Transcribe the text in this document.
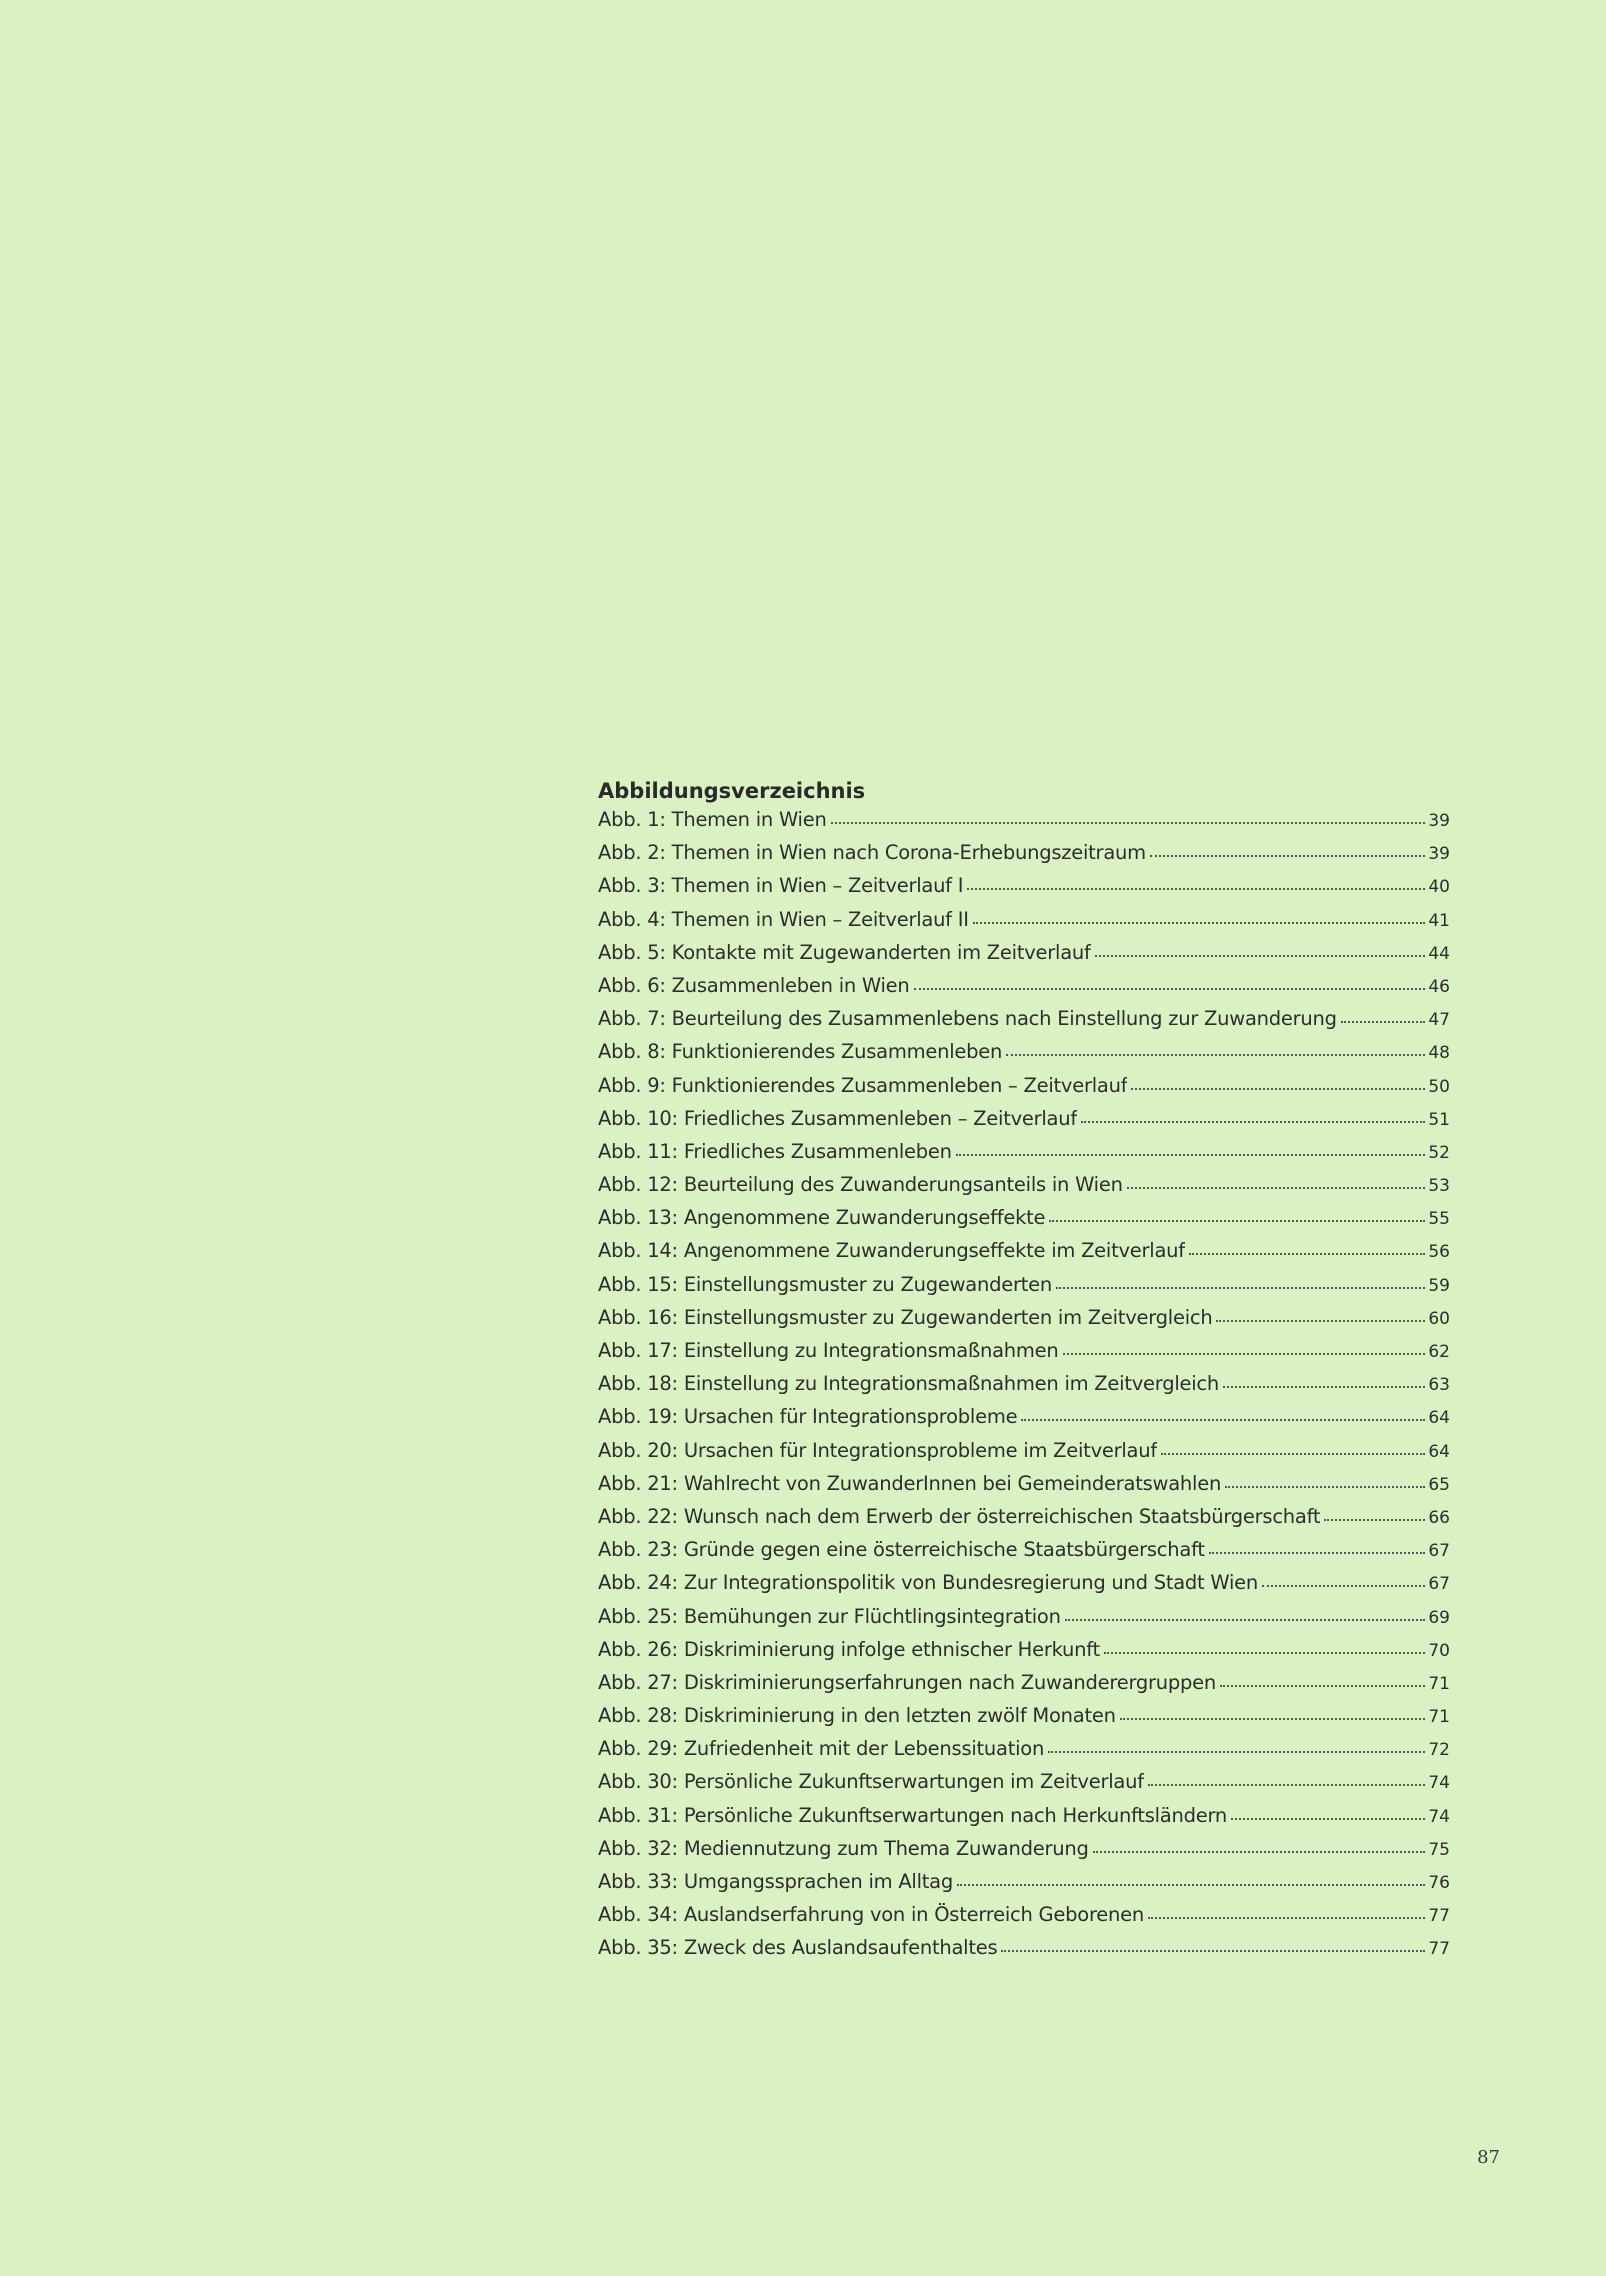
Abbildungsverzeichnis
Abb. 1: Themen in Wien	39
Abb. 2: Themen in Wien nach Corona-Erhebungszeitraum	39
Abb. 3: Themen in Wien – Zeitverlauf I	40
Abb. 4: Themen in Wien – Zeitverlauf II	41
Abb. 5: Kontakte mit Zugewanderten im Zeitverlauf	44
Abb. 6: Zusammenleben in Wien	46
Abb. 7: Beurteilung des Zusammenlebens nach Einstellung zur Zuwanderung	47
Abb. 8: Funktionierendes Zusammenleben	48
Abb. 9: Funktionierendes Zusammenleben – Zeitverlauf	50
Abb. 10: Friedliches Zusammenleben – Zeitverlauf	51
Abb. 11: Friedliches Zusammenleben	52
Abb. 12: Beurteilung des Zuwanderungsanteils in Wien	53
Abb. 13: Angenommene Zuwanderungseffekte	55
Abb. 14: Angenommene Zuwanderungseffekte im Zeitverlauf	56
Abb. 15: Einstellungsmuster zu Zugewanderten	59
Abb. 16: Einstellungsmuster zu Zugewanderten im Zeitvergleich	60
Abb. 17: Einstellung zu Integrationsmaßnahmen	62
Abb. 18: Einstellung zu Integrationsmaßnahmen im Zeitvergleich	63
Abb. 19: Ursachen für Integrationsprobleme	64
Abb. 20: Ursachen für Integrationsprobleme im Zeitverlauf	64
Abb. 21: Wahlrecht von ZuwanderInnen bei Gemeinderatswahlen	65
Abb. 22: Wunsch nach dem Erwerb der österreichischen Staatsbürgerschaft	66
Abb. 23: Gründe gegen eine österreichische Staatsbürgerschaft	67
Abb. 24: Zur Integrationspolitik von Bundesregierung und Stadt Wien	67
Abb. 25: Bemühungen zur Flüchtlingsintegration	69
Abb. 26: Diskriminierung infolge ethnischer Herkunft	70
Abb. 27: Diskriminierungserfahrungen nach Zuwanderergruppen	71
Abb. 28: Diskriminierung in den letzten zwölf Monaten	71
Abb. 29: Zufriedenheit mit der Lebenssituation	72
Abb. 30: Persönliche Zukunftserwartungen im Zeitverlauf	74
Abb. 31: Persönliche Zukunftserwartungen nach Herkunftsländern	74
Abb. 32: Mediennutzung zum Thema Zuwanderung	75
Abb. 33: Umgangssprachen im Alltag	76
Abb. 34: Auslandserfahrung von in Österreich Geborenen	77
Abb. 35: Zweck des Auslandsaufenthaltes	77
87
